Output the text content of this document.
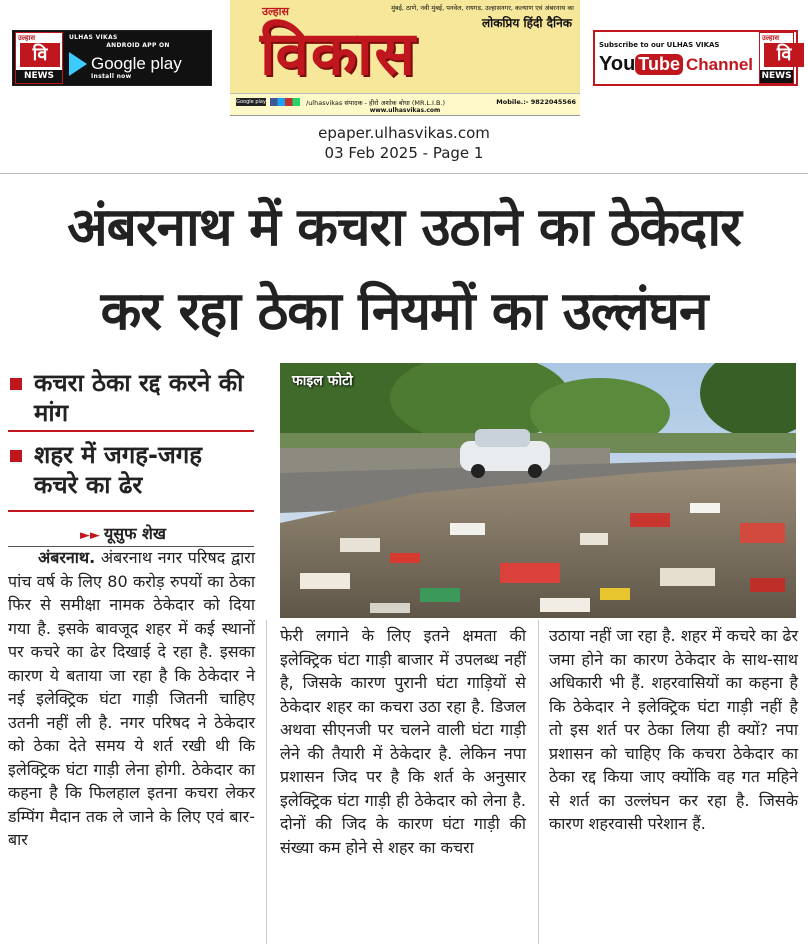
उल्हास
वि
NEWS
ULHAS VIKAS
ANDROID APP ON
Google play
Install now
मुंबई, ठाणे, नवी मुंबई, पनवेल, रायगड, उल्हासनगर, कल्याण एवं अंबरनाथ का
लोकप्रिय हिंदी दैनिक
उल्हास
विकास
Google play	/ulhasvikas संपादक - हीरो अशोक बोधा (MR.L.I.B.)	Mobile.:- 9822045566
www.ulhasvikas.com
Subscribe to our ULHAS VIKAS
You Tube Channel
उल्हास
वि
NEWS
epaper.ulhasvikas.com
03 Feb 2025 - Page 1
अंबरनाथ में कचरा उठाने का ठेकेदार
कर रहा ठेका नियमों का उल्लंघन
कचरा ठेका रद्द करने की मांग
शहर में जगह-जगह कचरे का ढेर
►► यूसुफ शेख
फाइल फोटो

अंबरनाथ. अंबरनाथ नगर परिषद द्वारा पांच वर्ष के लिए 80 करोड़ रुपयों का ठेका फिर से समीक्षा नामक ठेकेदार को दिया गया है. इसके बावजूद शहर में कई स्थानों पर कचरे का ढेर दिखाई दे रहा है. इसका कारण ये बताया जा रहा है कि ठेकेदार ने नई इलेक्ट्रिक घंटा गाड़ी जितनी चाहिए उतनी नहीं ली है. नगर परिषद ने ठेकेदार को ठेका देते समय ये शर्त रखी थी कि इलेक्ट्रिक घंटा गाड़ी लेना होगी. ठेकेदार का कहना है कि फिलहाल इतना कचरा लेकर डम्पिंग मैदान तक ले जाने के लिए एवं बार-बार

फेरी लगाने के लिए इतने क्षमता की इलेक्ट्रिक घंटा गाड़ी बाजार में उपलब्ध नहीं है, जिसके कारण पुरानी घंटा गाड़ियों से ठेकेदार शहर का कचरा उठा रहा है. डिजल अथवा सीएनजी पर चलने वाली घंटा गाड़ी लेने की तैयारी में ठेकेदार है. लेकिन नपा प्रशासन जिद पर है कि शर्त के अनुसार इलेक्ट्रिक घंटा गाड़ी ही ठेकेदार को लेना है. दोनों की जिद के कारण घंटा गाड़ी की संख्या कम होने से शहर का कचरा

उठाया नहीं जा रहा है. शहर में कचरे का ढेर जमा होने का कारण ठेकेदार के साथ-साथ अधिकारी भी हैं. शहरवासियों का कहना है कि ठेकेदार ने इलेक्ट्रिक घंटा गाड़ी नहीं है तो इस शर्त पर ठेका लिया ही क्यों? नपा प्रशासन को चाहिए कि कचरा ठेकेदार का ठेका रद्द किया जाए क्योंकि वह गत महिने से शर्त का उल्लंघन कर रहा है. जिसके कारण शहरवासी परेशान हैं.
